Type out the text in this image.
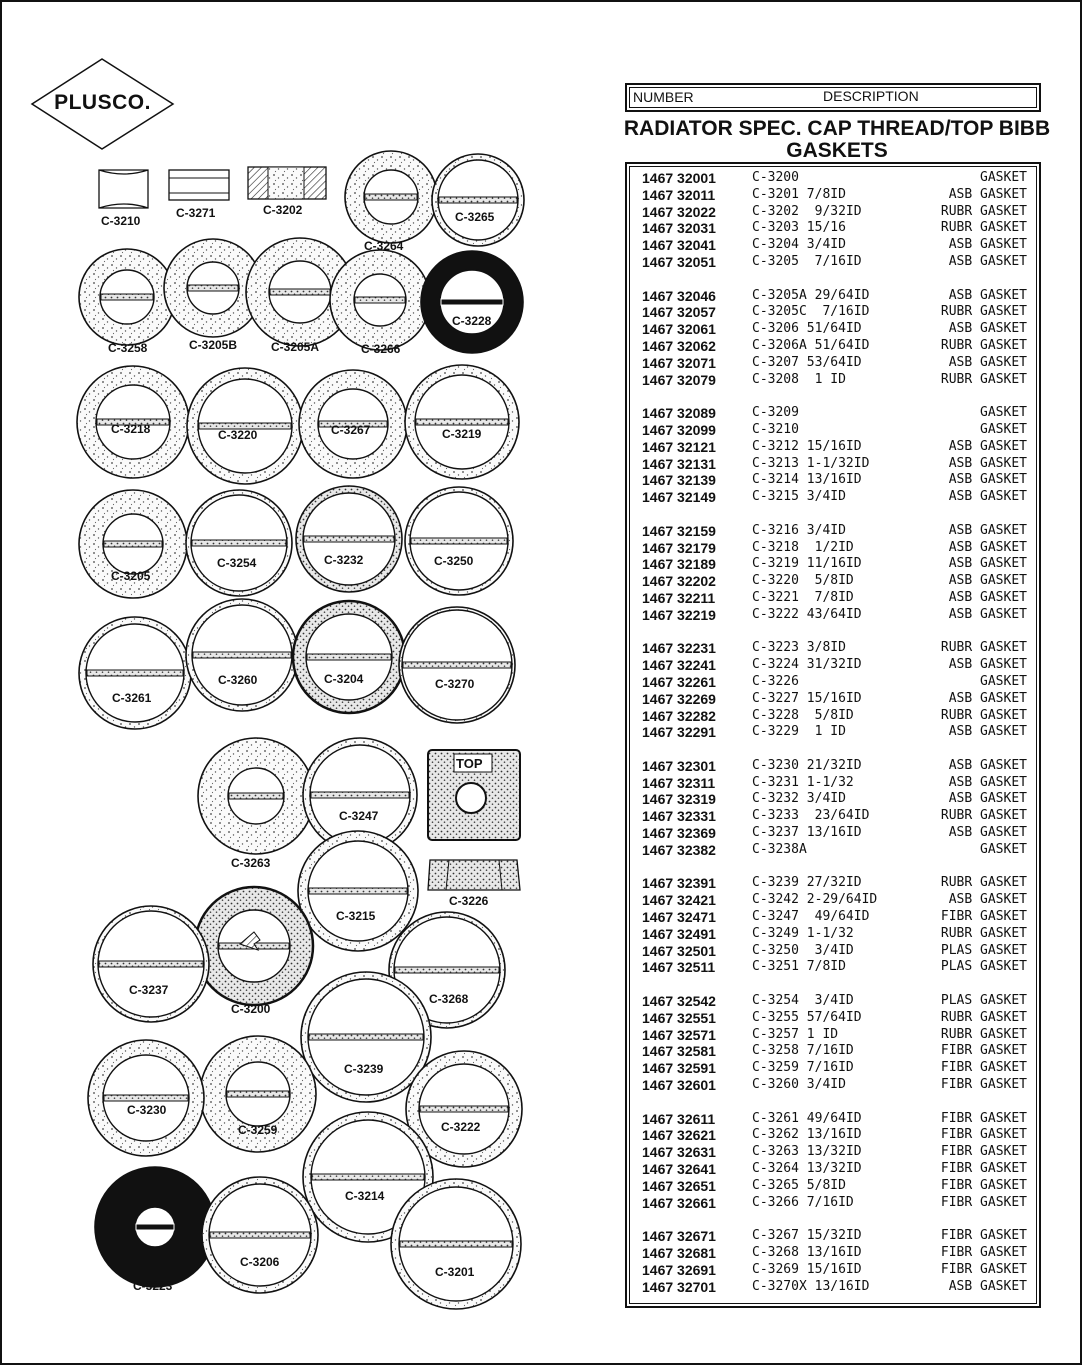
PLUSCO.
C-3210
C-3271	C-3202
C-3264
C-3265
C-3258	C-3205B	C-3205A	C-3266
C-3228
C-3218	C-3220	C-3267	C-3219
C-3205
C-3254	C-3232	C-3250
C-3261
C-3260	C-3204	C-3270
C-3263
C-3247
C-3226
C-3215
C-3237
C-3200
C-3268
C-3239
C-3230
C-3259	C-3222
C-3214
C-3223
C-3206
C-3201
TOP
NUMBER	DESCRIPTION
RADIATOR SPEC. CAP THREAD/TOP BIBB
GASKETS
1467 32001	C-3200	GASKET
1467 32011	C-3201 7/8ID	ASB GASKET
1467 32022	C-3202  9/32ID	RUBR GASKET
1467 32031	C-3203 15/16	RUBR GASKET
1467 32041	C-3204 3/4ID	ASB GASKET
1467 32051	C-3205  7/16ID	ASB GASKET
1467 32046	C-3205A 29/64ID	ASB GASKET
1467 32057	C-3205C  7/16ID	RUBR GASKET
1467 32061	C-3206 51/64ID	ASB GASKET
1467 32062	C-3206A 51/64ID	RUBR GASKET
1467 32071	C-3207 53/64ID	ASB GASKET
1467 32079	C-3208  1 ID	RUBR GASKET
1467 32089	C-3209	GASKET
1467 32099	C-3210	GASKET
1467 32121	C-3212 15/16ID	ASB GASKET
1467 32131	C-3213 1-1/32ID	ASB GASKET
1467 32139	C-3214 13/16ID	ASB GASKET
1467 32149	C-3215 3/4ID	ASB GASKET
1467 32159	C-3216 3/4ID	ASB GASKET
1467 32179	C-3218  1/2ID	ASB GASKET
1467 32189	C-3219 11/16ID	ASB GASKET
1467 32202	C-3220  5/8ID	ASB GASKET
1467 32211	C-3221  7/8ID	ASB GASKET
1467 32219	C-3222 43/64ID	ASB GASKET
1467 32231	C-3223 3/8ID	RUBR GASKET
1467 32241	C-3224 31/32ID	ASB GASKET
1467 32261	C-3226	GASKET
1467 32269	C-3227 15/16ID	ASB GASKET
1467 32282	C-3228  5/8ID	RUBR GASKET
1467 32291	C-3229  1 ID	ASB GASKET
1467 32301	C-3230 21/32ID	ASB GASKET
1467 32311	C-3231 1-1/32	ASB GASKET
1467 32319	C-3232 3/4ID	ASB GASKET
1467 32331	C-3233  23/64ID	RUBR GASKET
1467 32369	C-3237 13/16ID	ASB GASKET
1467 32382	C-3238A	GASKET
1467 32391	C-3239 27/32ID	RUBR GASKET
1467 32421	C-3242 2-29/64ID	ASB GASKET
1467 32471	C-3247  49/64ID	FIBR GASKET
1467 32491	C-3249 1-1/32	RUBR GASKET
1467 32501	C-3250  3/4ID	PLAS GASKET
1467 32511	C-3251 7/8ID	PLAS GASKET
1467 32542	C-3254  3/4ID	PLAS GASKET
1467 32551	C-3255 57/64ID	RUBR GASKET
1467 32571	C-3257 1 ID	RUBR GASKET
1467 32581	C-3258 7/16ID	FIBR GASKET
1467 32591	C-3259 7/16ID	FIBR GASKET
1467 32601	C-3260 3/4ID	FIBR GASKET
1467 32611	C-3261 49/64ID	FIBR GASKET
1467 32621	C-3262 13/16ID	FIBR GASKET
1467 32631	C-3263 13/32ID	FIBR GASKET
1467 32641	C-3264 13/32ID	FIBR GASKET
1467 32651	C-3265 5/8ID	FIBR GASKET
1467 32661	C-3266 7/16ID	FIBR GASKET
1467 32671	C-3267 15/32ID	FIBR GASKET
1467 32681	C-3268 13/16ID	FIBR GASKET
1467 32691	C-3269 15/16ID	FIBR GASKET
1467 32701	C-3270X 13/16ID	ASB GASKET
